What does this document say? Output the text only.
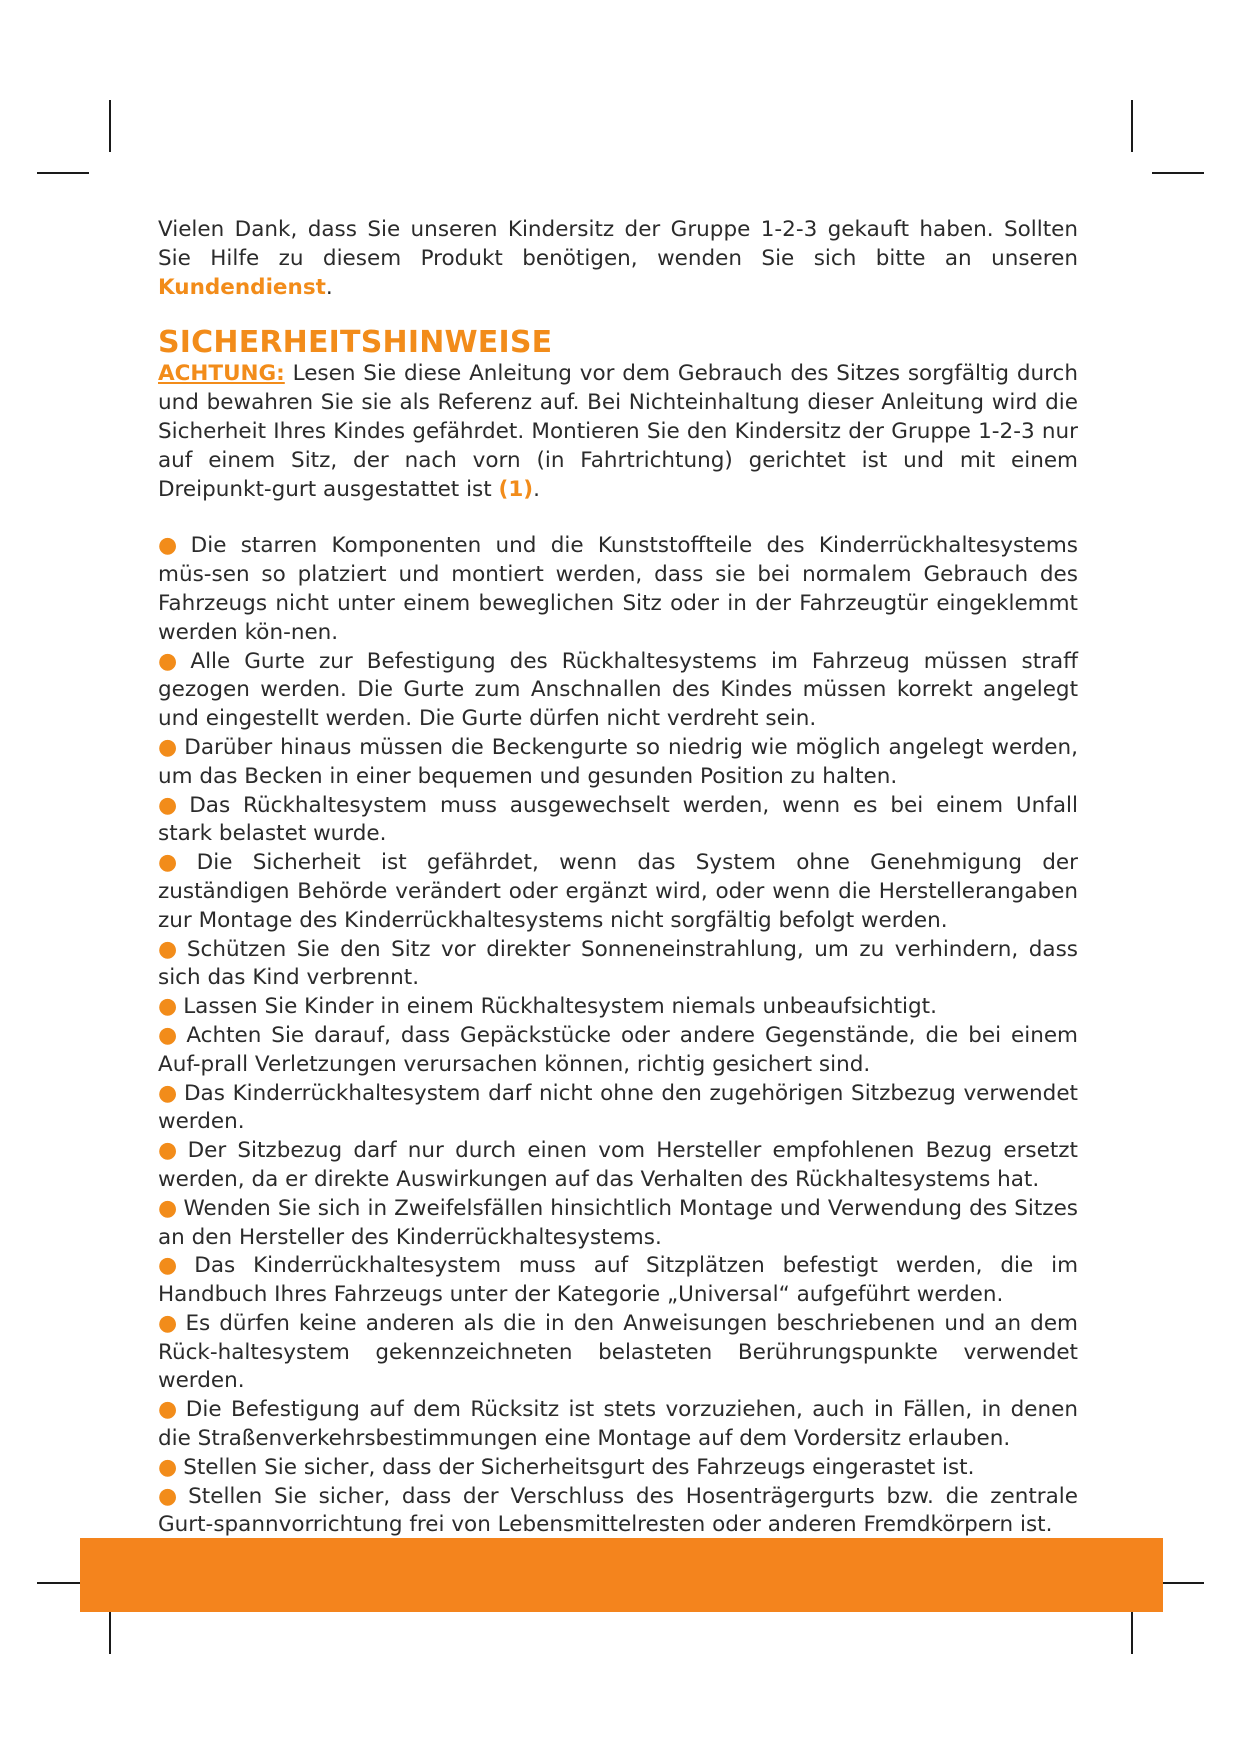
Vielen Dank, dass Sie unseren Kindersitz der Gruppe 1-2-3 gekauft haben. Sollten Sie Hilfe zu diesem Produkt benötigen, wenden Sie sich bitte an unseren Kundendienst.

SICHERHEITSHINWEISE

ACHTUNG: Lesen Sie diese Anleitung vor dem Gebrauch des Sitzes sorgfältig durch und bewahren Sie sie als Referenz auf. Bei Nichteinhaltung dieser Anleitung wird die Sicherheit Ihres Kindes gefährdet. Montieren Sie den Kindersitz der Gruppe 1-2-3 nur auf einem Sitz, der nach vorn (in Fahrtrichtung) gerichtet ist und mit einem Dreipunkt-gurt ausgestattet ist (1).

● Die starren Komponenten und die Kunststoffteile des Kinderrückhaltesystems müs-sen so platziert und montiert werden, dass sie bei normalem Gebrauch des Fahrzeugs nicht unter einem beweglichen Sitz oder in der Fahrzeugtür eingeklemmt werden kön-nen.
● Alle Gurte zur Befestigung des Rückhaltesystems im Fahrzeug müssen straff gezogen werden. Die Gurte zum Anschnallen des Kindes müssen korrekt angelegt und eingestellt werden. Die Gurte dürfen nicht verdreht sein.
● Darüber hinaus müssen die Beckengurte so niedrig wie möglich angelegt werden, um das Becken in einer bequemen und gesunden Position zu halten.
● Das Rückhaltesystem muss ausgewechselt werden, wenn es bei einem Unfall stark belastet wurde.
● Die Sicherheit ist gefährdet, wenn das System ohne Genehmigung der zuständigen Behörde verändert oder ergänzt wird, oder wenn die Herstellerangaben zur Montage des Kinderrückhaltesystems nicht sorgfältig befolgt werden.
● Schützen Sie den Sitz vor direkter Sonneneinstrahlung, um zu verhindern, dass sich das Kind verbrennt.
● Lassen Sie Kinder in einem Rückhaltesystem niemals unbeaufsichtigt.
● Achten Sie darauf, dass Gepäckstücke oder andere Gegenstände, die bei einem Auf-prall Verletzungen verursachen können, richtig gesichert sind.
● Das Kinderrückhaltesystem darf nicht ohne den zugehörigen Sitzbezug verwendet werden.
● Der Sitzbezug darf nur durch einen vom Hersteller empfohlenen Bezug ersetzt werden, da er direkte Auswirkungen auf das Verhalten des Rückhaltesystems hat.
● Wenden Sie sich in Zweifelsfällen hinsichtlich Montage und Verwendung des Sitzes an den Hersteller des Kinderrückhaltesystems.
● Das Kinderrückhaltesystem muss auf Sitzplätzen befestigt werden, die im Handbuch Ihres Fahrzeugs unter der Kategorie „Universal“ aufgeführt werden.
● Es dürfen keine anderen als die in den Anweisungen beschriebenen und an dem Rück-haltesystem gekennzeichneten belasteten Berührungspunkte verwendet werden.
● Die Befestigung auf dem Rücksitz ist stets vorzuziehen, auch in Fällen, in denen die Straßenverkehrsbestimmungen eine Montage auf dem Vordersitz erlauben.
● Stellen Sie sicher, dass der Sicherheitsgurt des Fahrzeugs eingerastet ist.
● Stellen Sie sicher, dass der Verschluss des Hosenträgergurts bzw. die zentrale Gurt-spannvorrichtung frei von Lebensmittelresten oder anderen Fremdkörpern ist.
